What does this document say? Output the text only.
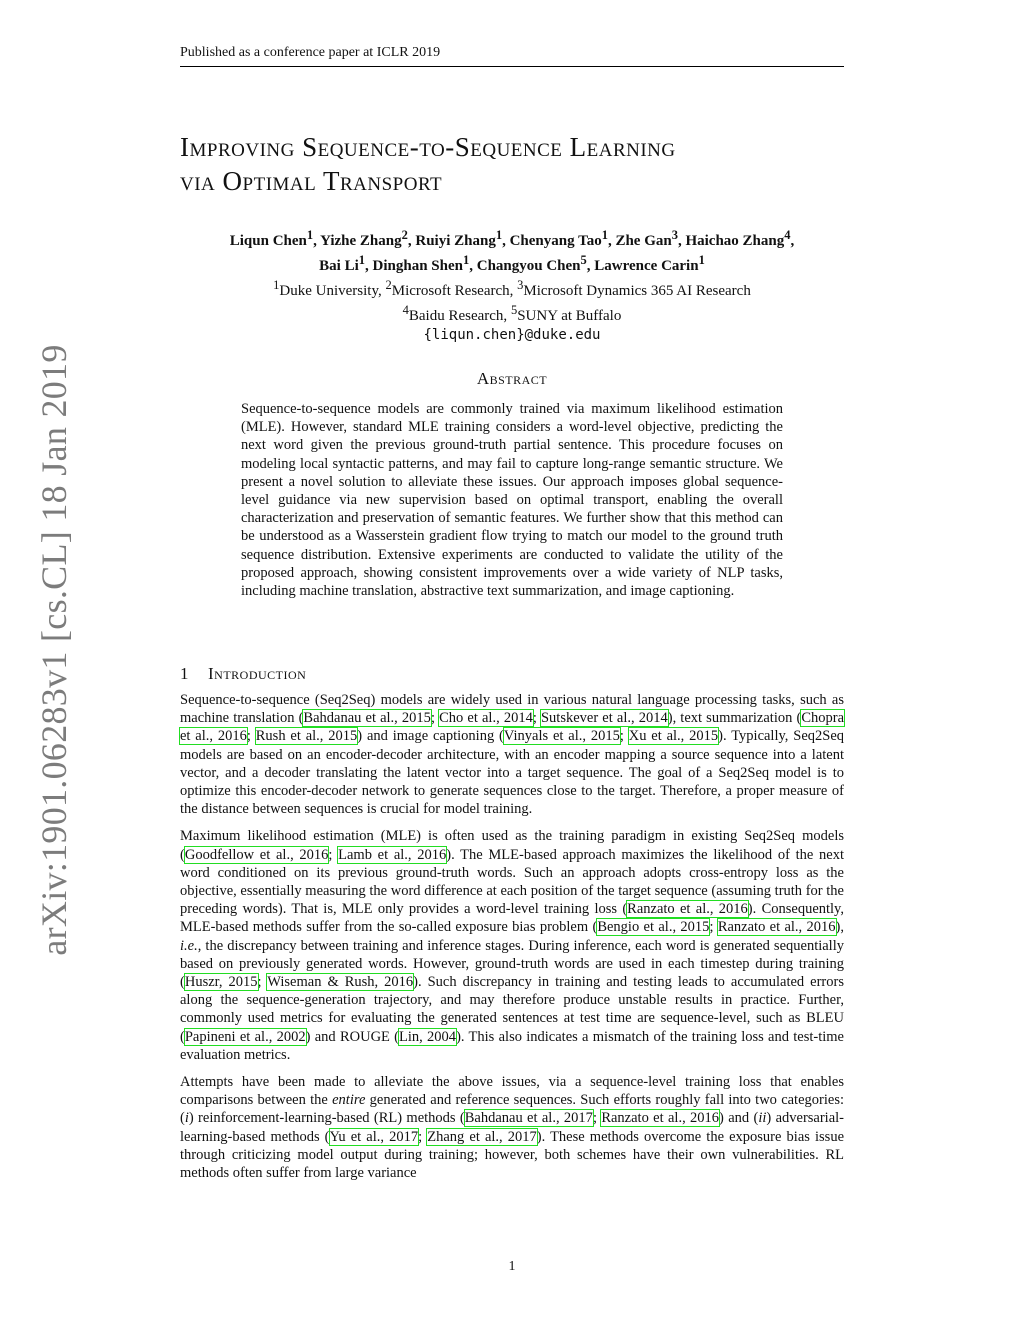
Published as a conference paper at ICLR 2019
arXiv:1901.06283v1 [cs.CL] 18 Jan 2019
Improving Sequence-to-Sequence Learning
via Optimal Transport
Liqun Chen$^1$, Yizhe Zhang$^2$, Ruiyi Zhang$^1$, Chenyang Tao$^1$, Zhe Gan$^3$, Haichao Zhang$^4$,
Bai Li$^1$, Dinghan Shen$^1$, Changyou Chen$^5$, Lawrence Carin$^1$
$^1$Duke University, $^2$Microsoft Research, $^3$Microsoft Dynamics 365 AI Research
$^4$Baidu Research, $^5$SUNY at Buffalo
{liqun.chen}@duke.edu
Abstract
Sequence-to-sequence models are commonly trained via maximum likelihood estimation (MLE). However, standard MLE training considers a word-level objective, predicting the next word given the previous ground-truth partial sentence. This procedure focuses on modeling local syntactic patterns, and may fail to capture long-range semantic structure. We present a novel solution to alleviate these issues. Our approach imposes global sequence-level guidance via new supervision based on optimal transport, enabling the overall characterization and preservation of semantic features. We further show that this method can be understood as a Wasserstein gradient flow trying to match our model to the ground truth sequence distribution. Extensive experiments are conducted to validate the utility of the proposed approach, showing consistent improvements over a wide variety of NLP tasks, including machine translation, abstractive text summarization, and image captioning.
1 Introduction

Sequence-to-sequence (Seq2Seq) models are widely used in various natural language processing tasks, such as machine translation (Bahdanau et al., 2015; Cho et al., 2014; Sutskever et al., 2014), text summarization (Chopra et al., 2016; Rush et al., 2015) and image captioning (Vinyals et al., 2015; Xu et al., 2015). Typically, Seq2Seq models are based on an encoder-decoder architecture, with an encoder mapping a source sequence into a latent vector, and a decoder translating the latent vector into a target sequence. The goal of a Seq2Seq model is to optimize this encoder-decoder network to generate sequences close to the target. Therefore, a proper measure of the distance between sequences is crucial for model training.

Maximum likelihood estimation (MLE) is often used as the training paradigm in existing Seq2Seq models (Goodfellow et al., 2016; Lamb et al., 2016). The MLE-based approach maximizes the likelihood of the next word conditioned on its previous ground-truth words. Such an approach adopts cross-entropy loss as the objective, essentially measuring the word difference at each position of the target sequence (assuming truth for the preceding words). That is, MLE only provides a word-level training loss (Ranzato et al., 2016). Consequently, MLE-based methods suffer from the so-called exposure bias problem (Bengio et al., 2015; Ranzato et al., 2016), i.e., the discrepancy between training and inference stages. During inference, each word is generated sequentially based on previously generated words. However, ground-truth words are used in each timestep during training (Huszr, 2015; Wiseman & Rush, 2016). Such discrepancy in training and testing leads to accumulated errors along the sequence-generation trajectory, and may therefore produce unstable results in practice. Further, commonly used metrics for evaluating the generated sentences at test time are sequence-level, such as BLEU (Papineni et al., 2002) and ROUGE (Lin, 2004). This also indicates a mismatch of the training loss and test-time evaluation metrics.

Attempts have been made to alleviate the above issues, via a sequence-level training loss that enables comparisons between the entire generated and reference sequences. Such efforts roughly fall into two categories: (i) reinforcement-learning-based (RL) methods (Bahdanau et al., 2017; Ranzato et al., 2016) and (ii) adversarial-learning-based methods (Yu et al., 2017; Zhang et al., 2017). These methods overcome the exposure bias issue through criticizing model output during training; however, both schemes have their own vulnerabilities. RL methods often suffer from large variance

1
